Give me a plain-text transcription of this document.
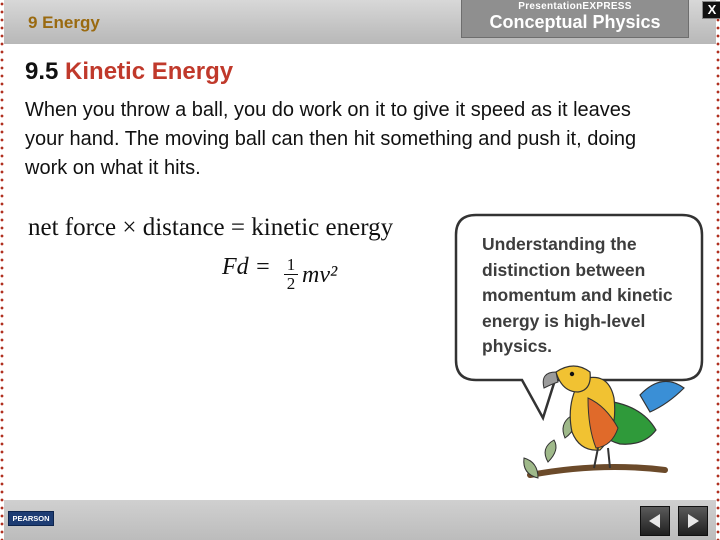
9 Energy
PresentationEXPRESS
Conceptual Physics
X
9.5 Kinetic Energy
When you throw a ball, you do work on it to give it speed as it leaves your hand. The moving ball can then hit something and push it, doing work on what it hits.
net force × distance = kinetic energy
$Fd = \frac{1}{2} mv^2$
Understanding the distinction between momentum and kinetic energy is high-level physics.
PEARSON
